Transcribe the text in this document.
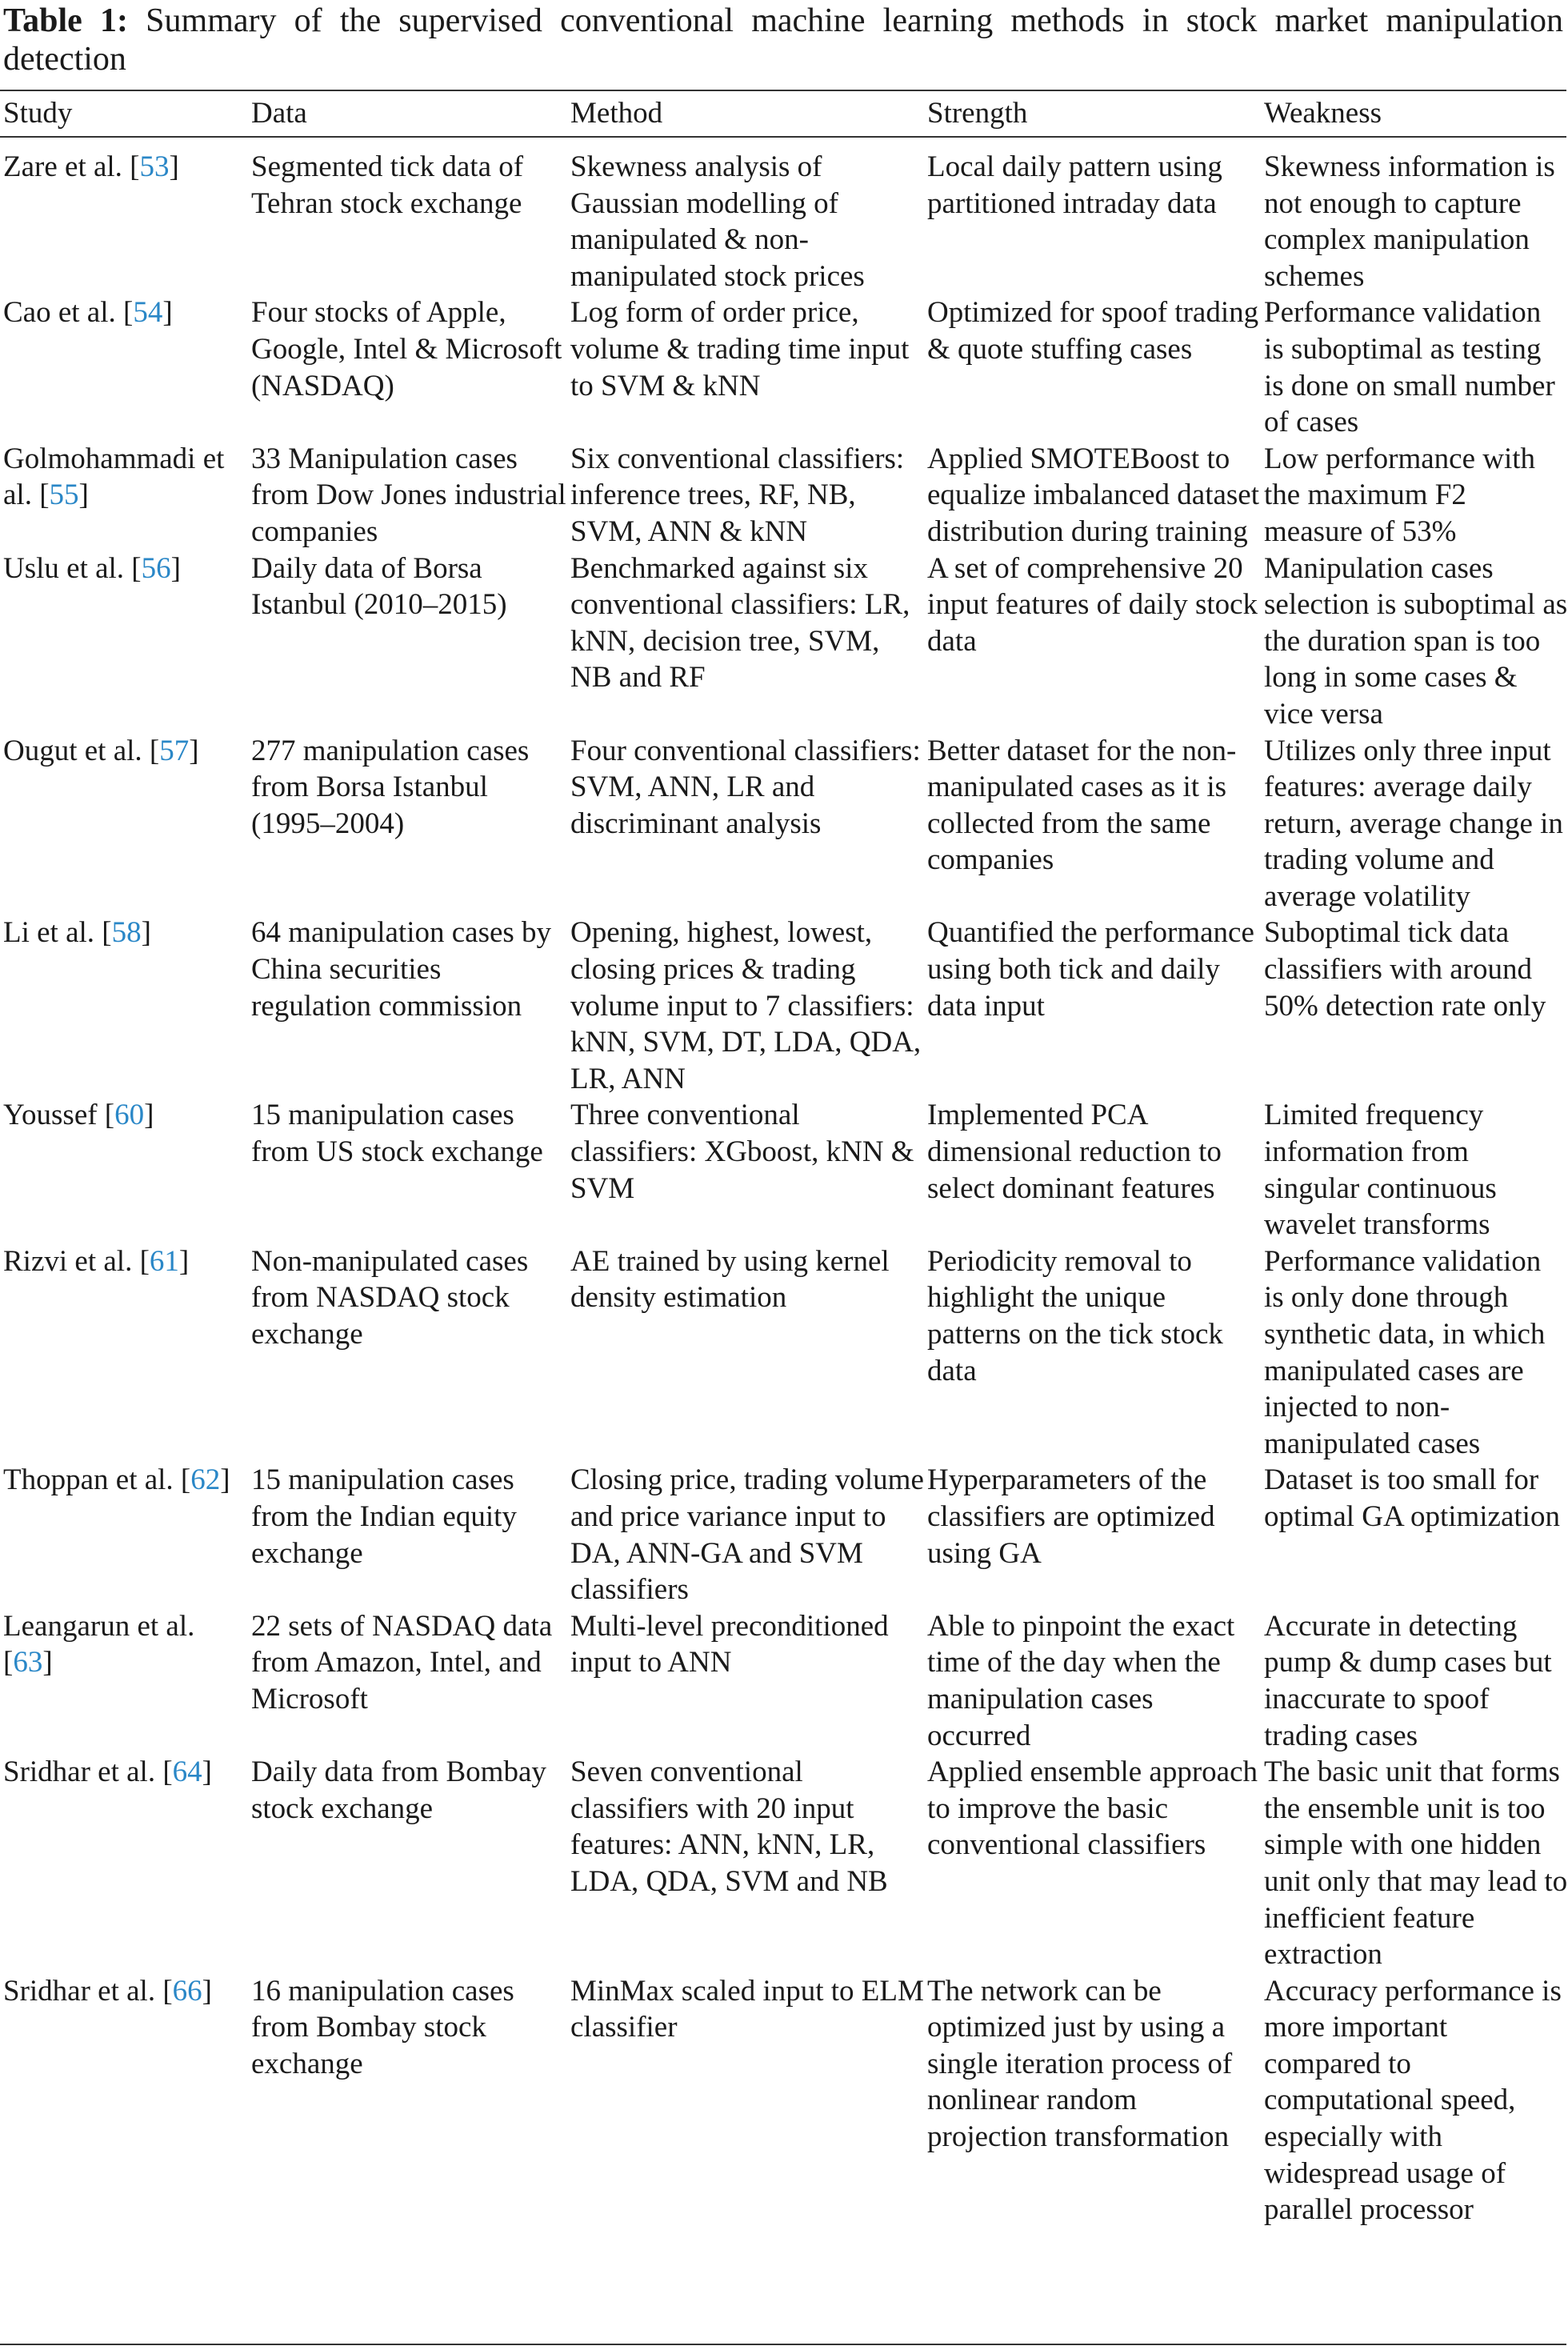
Table 1: Summary of the supervised conventional machine learning methods in stock market manipulation detection
Study	Data	Method	Strength	Weakness

Zare et al. [53]	Segmented tick data of Tehran stock exchange	Skewness analysis of Gaussian modelling of manipulated & non-manipulated stock prices	Local daily pattern using partitioned intraday data	Skewness information is not enough to capture complex manipulation schemes

Cao et al. [54]	Four stocks of Apple, Google, Intel & Microsoft (NASDAQ)	Log form of order price, volume & trading time input to SVM & kNN	Optimized for spoof trading & quote stuffing cases	Performance validation is suboptimal as testing is done on small number of cases

Golmohammadi et al. [55]	33 Manipulation cases from Dow Jones industrial companies	Six conventional classifiers: inference trees, RF, NB, SVM, ANN & kNN	Applied SMOTEBoost to equalize imbalanced dataset distribution during training	Low performance with the maximum F2 measure of 53%

Uslu et al. [56]	Daily data of Borsa Istanbul (2010–2015)	Benchmarked against six conventional classifiers: LR, kNN, decision tree, SVM, NB and RF	A set of comprehensive 20 input features of daily stock data	Manipulation cases selection is suboptimal as the duration span is too long in some cases & vice versa

Ougut et al. [57]	277 manipulation cases from Borsa Istanbul (1995–2004)	Four conventional classifiers: SVM, ANN, LR and discriminant analysis	Better dataset for the non-manipulated cases as it is collected from the same companies	Utilizes only three input features: average daily return, average change in trading volume and average volatility

Li et al. [58]	64 manipulation cases by China securities regulation commission	Opening, highest, lowest, closing prices & trading volume input to 7 classifiers: kNN, SVM, DT, LDA, QDA, LR, ANN	Quantified the performance using both tick and daily data input	Suboptimal tick data classifiers with around 50% detection rate only

Youssef [60]	15 manipulation cases from US stock exchange	Three conventional classifiers: XGboost, kNN & SVM	Implemented PCA dimensional reduction to select dominant features	Limited frequency information from singular continuous wavelet transforms

Rizvi et al. [61]	Non-manipulated cases from NASDAQ stock exchange	AE trained by using kernel density estimation	Periodicity removal to highlight the unique patterns on the tick stock data	Performance validation is only done through synthetic data, in which manipulated cases are injected to non-manipulated cases

Thoppan et al. [62]	15 manipulation cases from the Indian equity exchange	Closing price, trading volume and price variance input to DA, ANN-GA and SVM classifiers	Hyperparameters of the classifiers are optimized using GA	Dataset is too small for optimal GA optimization

Leangarun et al. [63]	22 sets of NASDAQ data from Amazon, Intel, and Microsoft	Multi-level preconditioned input to ANN	Able to pinpoint the exact time of the day when the manipulation cases occurred	Accurate in detecting pump & dump cases but inaccurate to spoof trading cases

Sridhar et al. [64]	Daily data from Bombay stock exchange	Seven conventional classifiers with 20 input features: ANN, kNN, LR, LDA, QDA, SVM and NB	Applied ensemble approach to improve the basic conventional classifiers	The basic unit that forms the ensemble unit is too simple with one hidden unit only that may lead to inefficient feature extraction

Sridhar et al. [66]	16 manipulation cases from Bombay stock exchange	MinMax scaled input to ELM classifier	The network can be optimized just by using a single iteration process of nonlinear random projection transformation	Accuracy performance is more important compared to computational speed, especially with widespread usage of parallel processor
